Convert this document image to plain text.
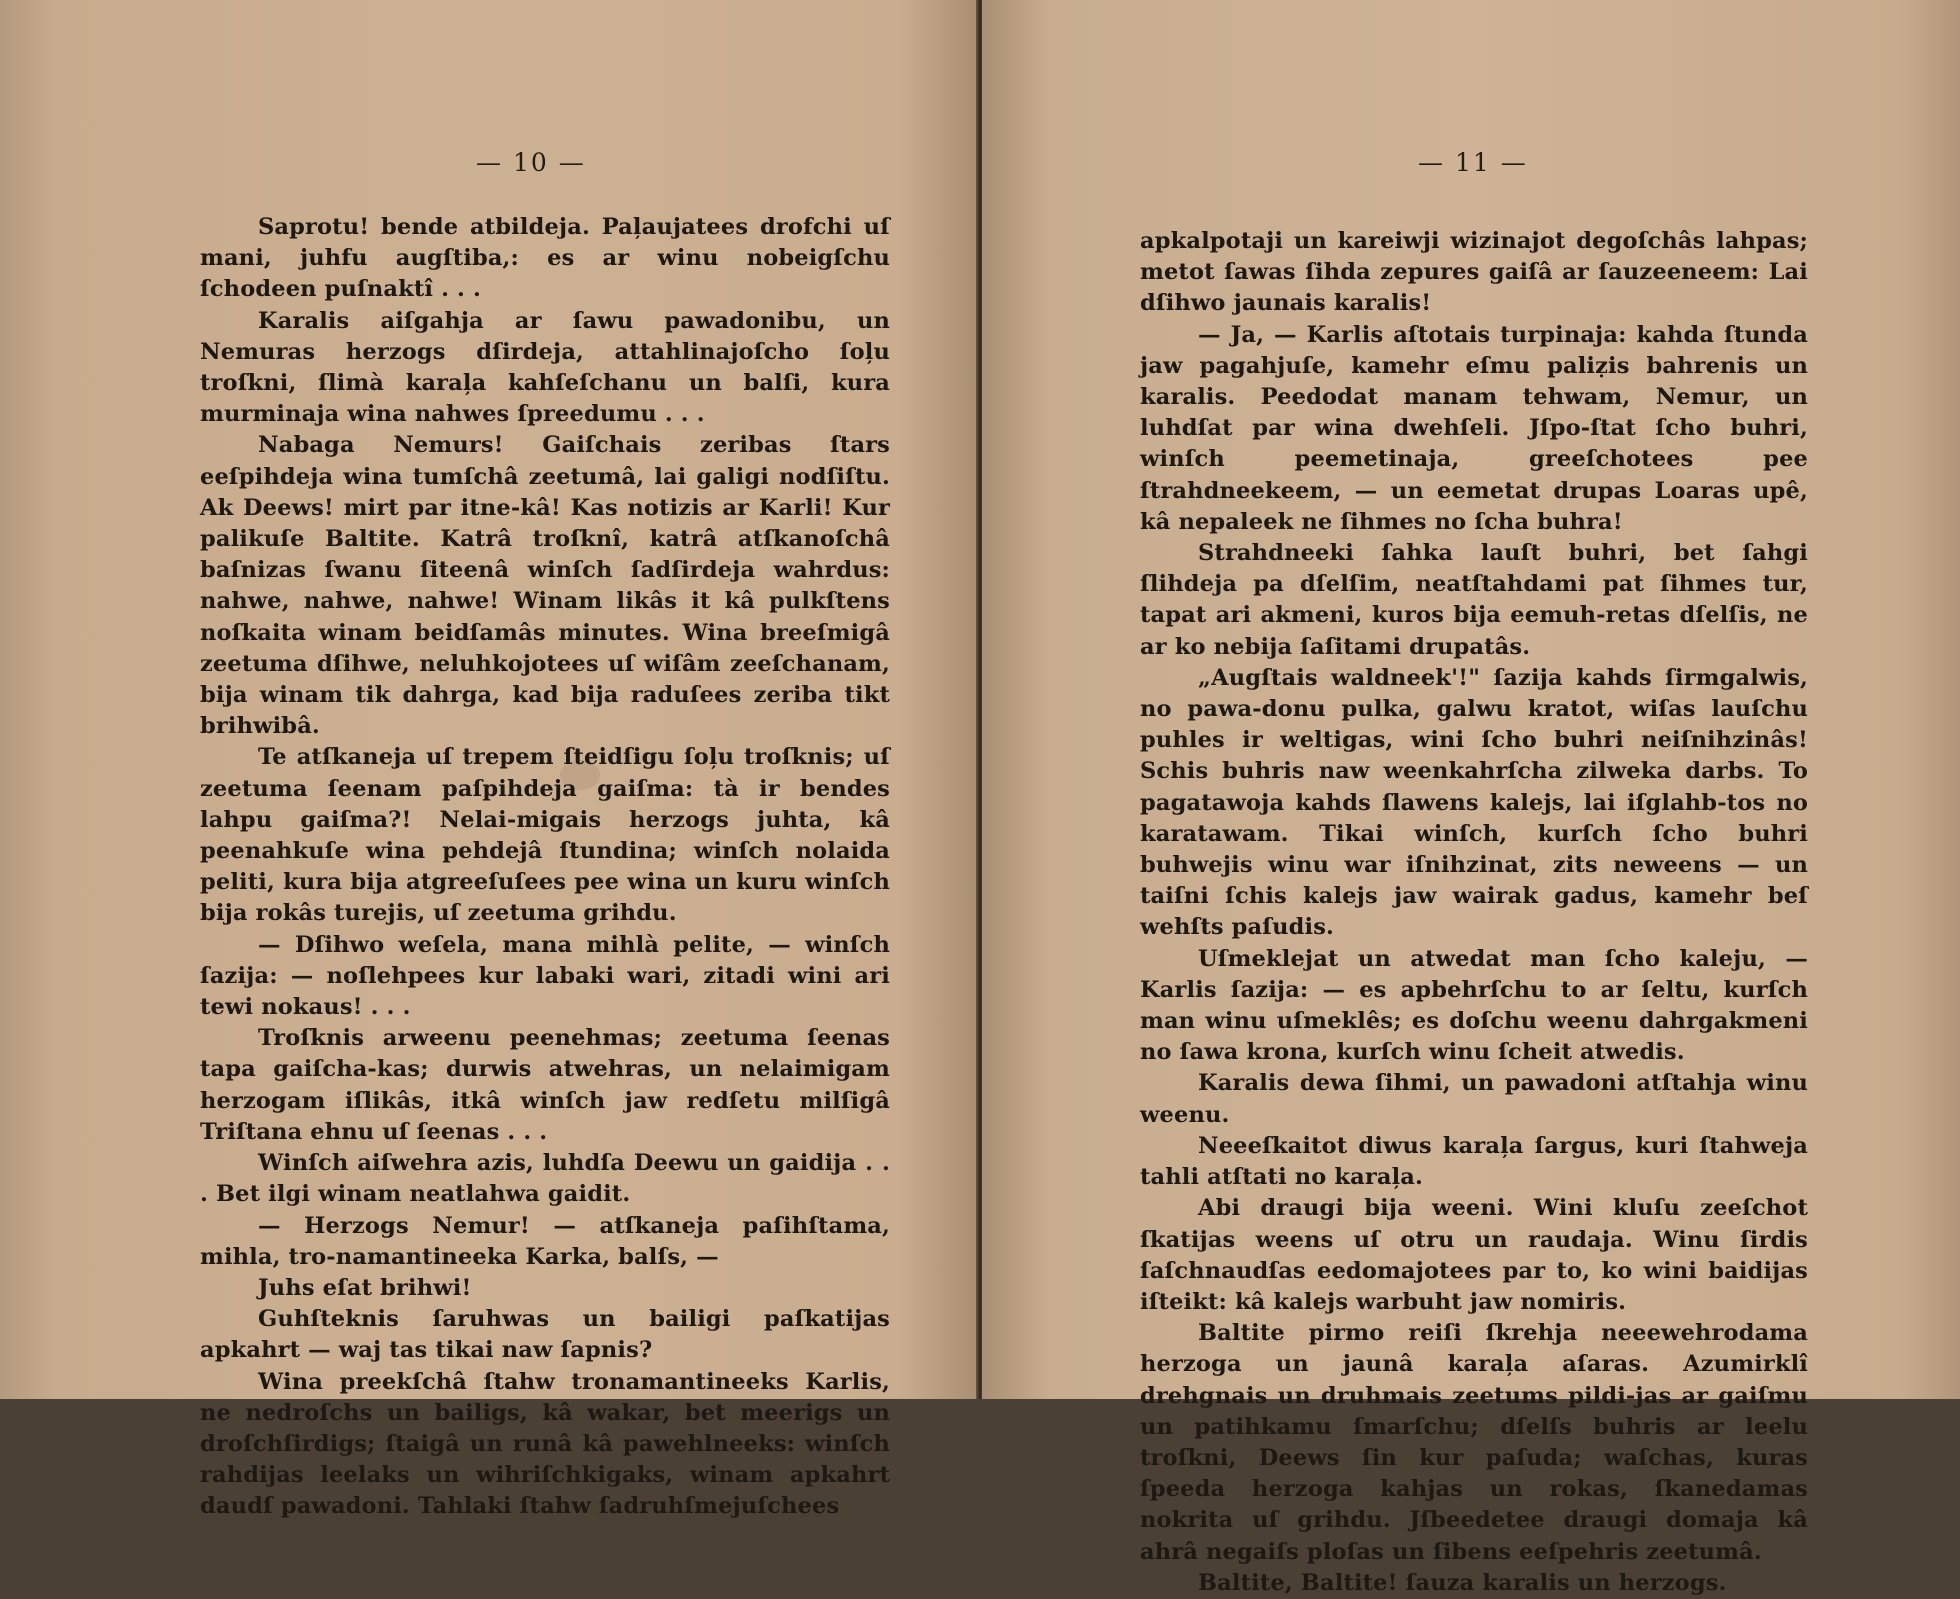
— 10 —

Saprotu! bende atbildeja. Paļaujatees drofchi uſ mani, juhfu augſtiba,: es ar winu nobeigſchu ſchodeen puſnaktî . . .

Karalis aiſgahja ar ſawu pawadonibu, un Nemuras herzogs dſirdeja, attahlinajoſcho ſoļu troſkni, ſlimà karaļa kahſeſchanu un balſi, kura murminaja wina nahwes ſpreedumu . . .

Nabaga Nemurs! Gaiſchais zeribas ſtars eeſpihdeja wina tumſchâ zeetumâ, lai galigi nodſiſtu. Ak Deews! mirt par itne-kâ! Kas notizis ar Karli! Kur palikuſe Baltite. Katrâ troſknî, katrâ atſkanoſchâ baſnizas ſwanu ſiteenâ winſch ſadſirdeja wahrdus: nahwe, nahwe, nahwe! Winam likâs it kâ pulkſtens noſkaita winam beidſamâs minutes. Wina breeſmigâ zeetuma dſihwe, neluhkojotees uſ wiſâm zeeſchanam, bija winam tik dahrga, kad bija raduſees zeriba tikt brihwibâ.

Te atſkaneja uſ trepem ſteidſigu ſoļu troſknis; uſ zeetuma ſeenam paſpihdeja gaiſma: tà ir bendes lahpu gaiſma?! Nelai-migais herzogs juhta, kâ peenahkuſe wina pehdejâ ſtundina; winſch nolaida peliti, kura bija atgreeſuſees pee wina un kuru winſch bija rokâs turejis, uſ zeetuma grihdu.

— Dſihwo weſela, mana mihlà pelite, — winſch ſazija: — noſlehpees kur labaki wari, zitadi wini ari tewi nokaus! . . .

Troſknis arweenu peenehmas; zeetuma ſeenas tapa gaiſcha-kas; durwis atwehras, un nelaimigam herzogam iſlikâs, itkâ winſch jaw redſetu milſigâ Triſtana ehnu uſ ſeenas . . .

Winſch aiſwehra azis, luhdſa Deewu un gaidija . . . Bet ilgi winam neatlahwa gaidit.

— Herzogs Nemur! — atſkaneja paſihſtama, mihla, tro-namantineeka Karka, balſs, —

Juhs eſat brihwi!

Guhſteknis ſaruhwas un bailigi paſkatijas apkahrt — waj tas tikai naw ſapnis?

Wina preekſchâ ſtahw tronamantineeks Karlis, ne nedroſchs un bailigs, kâ wakar, bet meerigs un droſchſirdigs; ſtaigâ un runâ kâ pawehlneeks: winſch rahdijas leelaks un wihriſchkigaks, winam apkahrt daudſ pawadoni. Tahlaki ſtahw ſadruhſmejuſchees

— 11 —

apkalpotaji un kareiwji wizinajot degoſchâs lahpas; metot ſawas ſihda zepures gaiſâ ar ſauzeeneem: Lai dſihwo jaunais karalis!

— Ja, — Karlis aſtotais turpinaja: kahda ſtunda jaw pagahjuſe, kamehr eſmu paliẓis bahrenis un karalis. Peedodat manam tehwam, Nemur, un luhdſat par wina dwehſeli. Jſpo-ſtat ſcho buhri, winſch peemetinaja, greeſchotees pee ſtrahdneekeem, — un eemetat drupas Loaras upê, kâ nepaleek ne ſihmes no ſcha buhra!

Strahdneeki ſahka lauſt buhri, bet ſahgi ſlihdeja pa dſelſim, neatſtahdami pat ſihmes tur, tapat ari akmeni, kuros bija eemuh-retas dſelſis, ne ar ko nebija ſaſitami drupatâs.

„Augſtais waldneek'!" ſazija kahds ſirmgalwis, no pawa-donu pulka, galwu kratot, wiſas lauſchu puhles ir weltigas, wini ſcho buhri neiſnihzinâs! Schis buhris naw weenkahrſcha zilweka darbs. To pagatawoja kahds ſlawens kalejs, lai iſglahb-tos no karatawam. Tikai winſch, kurſch ſcho buhri buhwejis winu war iſnihzinat, zits neweens — un taiſni ſchis kalejs jaw wairak gadus, kamehr beſ wehſts paſudis.

Uſmeklejat un atwedat man ſcho kaleju, — Karlis ſazija: — es apbehrſchu to ar ſeltu, kurſch man winu uſmeklês; es doſchu weenu dahrgakmeni no ſawa krona, kurſch winu ſcheit atwedis.

Karalis dewa ſihmi, un pawadoni atſtahja winu weenu.

Neeeſkaitot diwus karaļa ſargus, kuri ſtahweja tahli atſtati no karaļa.

Abi draugi bija weeni. Wini kluſu zeeſchot ſkatijas weens uſ otru un raudaja. Winu ſirdis ſaſchnaudſas eedomajotees par to, ko wini baidijas iſteikt: kâ kalejs warbuht jaw nomiris.

Baltite pirmo reiſi ſkrehja neeewehrodama herzoga un jaunâ karaļa aſaras. Azumirklî drehgnais un druhmais zeetums pildi-jas ar gaiſmu un patihkamu ſmarſchu; dſelſs buhris ar leelu troſkni, Deews ſin kur paſuda; waſchas, kuras ſpeeda herzoga kahjas un rokas, ſkanedamas nokrita uſ grihdu. Jſbeedetee draugi domaja kâ ahrâ negaiſs ploſas un ſibens eeſpehris zeetumâ.

Baltite, Baltite! ſauza karalis un herzogs.
